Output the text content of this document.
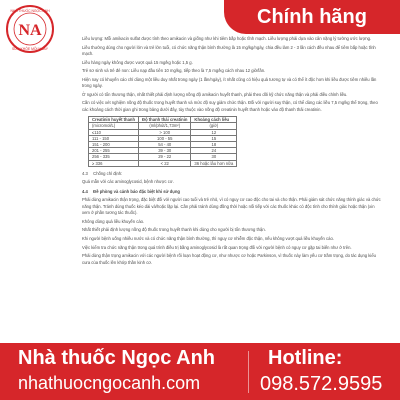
NA
NHÀ THUỐC NGỌC ANH
SỨC KHỎE MỖI NGÀY
Chính hãng

Liều lượng: Mỗi amikacin sulfat được tính theo amikacin và giống như khi tiêm bắp hoặc tĩnh mạch. Liều lượng phải dựa vào cân nặng lý tưởng ước lượng.

Liều thường dùng cho người lớn và trẻ lớn tuổi, có chức năng thận bình thường là 15 mg/kg/ngày, chia đều làm 2 - 3 lần cách đều nhau để tiêm bắp hoặc tĩnh mạch.

Liều hàng ngày không được vượt quá 15 mg/kg hoặc 1,5 g.

Trẻ sơ sinh và trẻ đẻ non: Liều nạp đầu tiên 10 mg/kg, tiếp theo là 7,5 mg/kg cách nhau 12 giờ/lần.

Hiện nay có khuyến cáo chỉ dùng một liều duy nhất trong ngày (1 lần/ngày), ít nhất cũng có hiệu quả tương tự và có thể ít độc hơn khi liều được tiêm nhiều lần trong ngày.

Ở người có tổn thương thận, nhất thiết phải định lượng nồng độ amikacin huyết thanh, phải theo dõi kỹ chức năng thận và phải điều chỉnh liều.

Cần có việc xét nghiệm nồng độ thuốc trong huyết thanh và mức độ suy giảm chức thận. Đối với người suy thận, có thể dùng các liều 7,5 mg/kg thể trọng, theo các khoảng cách thời gian ghi trong bảng dưới đây, tùy thuộc vào nồng độ creatinin huyết thanh hoặc vào độ thanh thải creatinin.

Creatinin huyết thanh	Độ thanh thải creatinin	Khoảng cách liều
(micromol/L)	(ml/phút/1,73m²)	(giờ)
≤110	> 100	12
111 - 150	100 - 55	15
151 - 200	54 - 40	18
201 - 255	39 - 30	24
256 - 335	29 - 22	30
≥ 336	< 22	36 hoặc lâu hơn nữa

4.3 Chống chỉ định:

Quá mẫn với các aminoglycosid, bệnh nhược cơ.

4.4 Đề phòng và cảnh báo đặc biệt khi sử dụng

Phải dùng amikacin thận trọng, đặc biệt đối với người cao tuổi và trẻ nhỏ, vì có nguy cơ cao độc cho tai và cho thận. Phải giám sát chức năng thính giác và chức năng thận. Tránh dùng thuốc kéo dài và/hoặc lặp lại. Cần phải tránh dùng đồng thời hoặc nối tiếp với các thuốc khác có độc tính cho thính giác hoặc thận (xin xem ở phần tương tác thuốc).

Không dùng quá liều khuyến cáo.

Nhất thiết phải định lượng nồng độ thuốc trong huyết thanh khi dùng cho người bị tổn thương thận.

Khi người bệnh uống nhiều nước và có chức năng thận bình thường, thì nguy cơ nhiễm độc thận, nếu không vượt quá liều khuyến cáo.

Việc kiểm tra chức năng thận trong quá trình điều trị bằng aminoglycosid là rất quan trọng đối với người bệnh có nguy cơ gặp tai biến như ở trên.

Phải dùng thận trọng amikacin với các người bệnh rối loạn hoạt động cơ, như nhược cơ hoặc Parkinson, vì thuốc này làm yếu cơ trầm trọng, do tác dụng kiểu cura của thuốc lên khớp thần kinh cơ.

Nhà thuốc Ngọc Anh
nhathuocngocanh.com
Hotline:
098.572.9595
